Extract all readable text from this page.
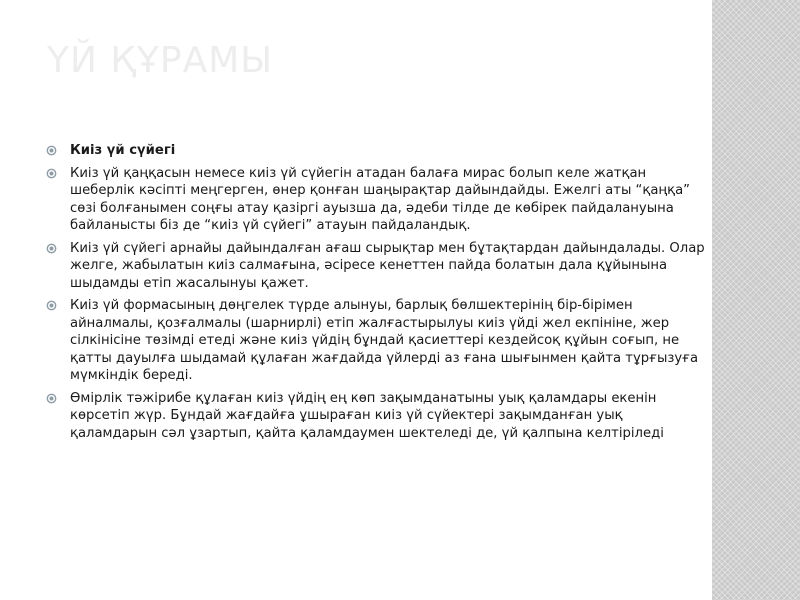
ҮЙ ҚҰРАМЫ
Киіз үй сүйегі
Киіз үй қаңқасын немесе киіз үй сүйегін атадан балаға мирас болып келе жатқан шеберлік кәсіпті меңгерген, өнер қонған шаңырақтар дайындайды. Ежелгі аты “қаңқа” сөзі болғанымен соңғы атау қазіргі ауызша да, әдеби тілде де көбірек пайдалануына байланысты біз де “киіз үй сүйегі” атауын пайдаландық.
Киіз үй сүйегі арнайы дайындалған ағаш сырықтар мен бұтақтардан дайындалады. Олар желге, жабылатын киіз салмағына, әсіресе кенеттен пайда болатын дала құйынына шыдамды етіп жасалынуы қажет.
Киіз үй формасының дөңгелек түрде алынуы, барлық бөлшектерінің бір-бірімен айналмалы, қозғалмалы (шарнирлі) етіп жалғастырылуы киіз үйді жел екпініне, жер сілкінісіне төзімді етеді және киіз үйдің бұндай қасиеттері кездейсоқ құйын соғып, не қатты дауылға шыдамай құлаған жағдайда үйлерді аз ғана шығынмен қайта тұрғызуға мүмкіндік береді.
Өмірлік тәжірибе құлаған киіз үйдің ең көп зақымданатыны уық қаламдары екенін көрсетіп жүр. Бұндай жағдайға ұшыраған киіз үй сүйектері зақымданған уық қаламдарын сәл ұзартып, қайта қаламдаумен шектеледі де, үй қалпына келтіріледі
